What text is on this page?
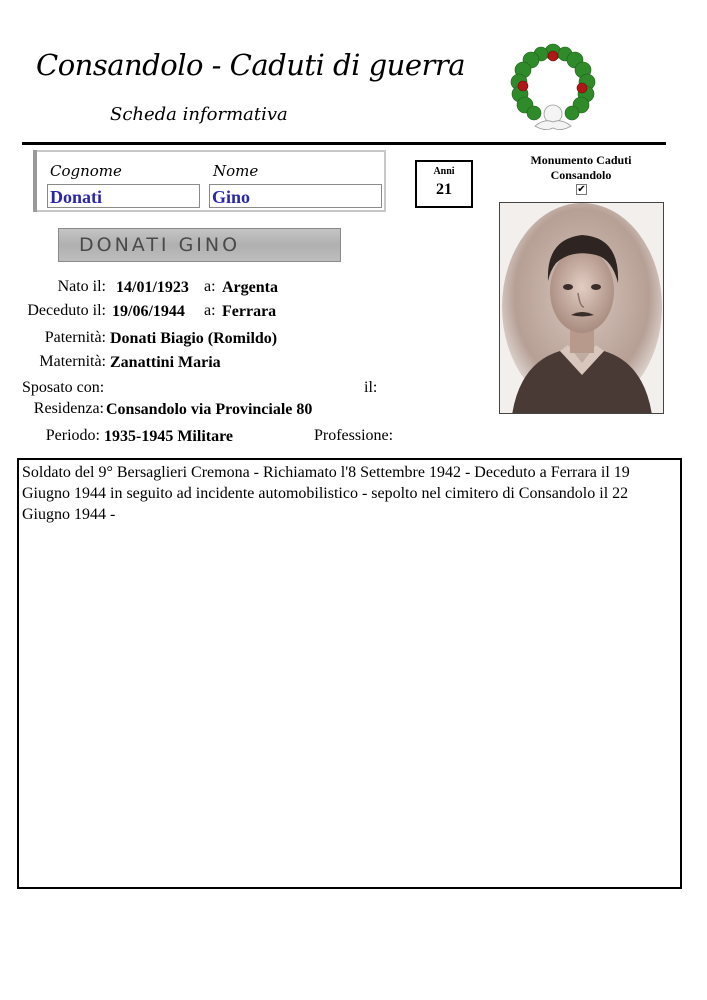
Consandolo - Caduti di guerra
Scheda informativa
Cognome	Nome
Donati	Gino
Anni
21
Monumento Caduti
Consandolo
✔
DONATI GINO
Nato il: 14/01/1923 a: Argenta
Deceduto il: 19/06/1944 a: Ferrara
Paternità: Donati Biagio (Romildo)
Maternità: Zanattini Maria
Sposato con:	il:
Residenza: Consandolo via Provinciale 80
Periodo: 1935-1945 Militare	Professione:
Soldato del 9° Bersaglieri Cremona - Richiamato l'8 Settembre 1942 - Deceduto a Ferrara il 19 Giugno 1944 in seguito ad incidente automobilistico - sepolto nel cimitero di Consandolo il 22 Giugno 1944 -
